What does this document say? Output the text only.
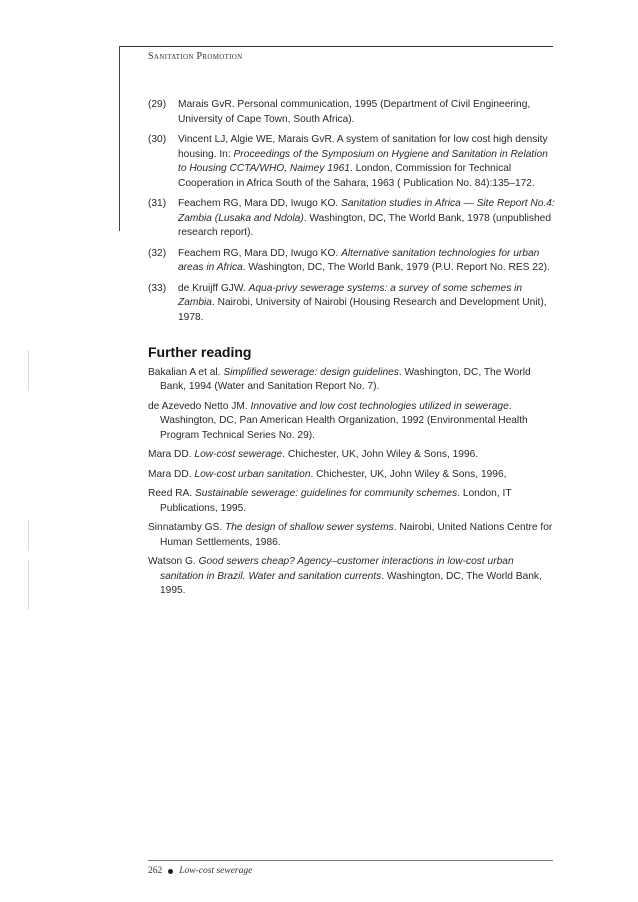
Sanitation Promotion
(29) Marais GvR. Personal communication, 1995 (Department of Civil Engineering, University of Cape Town, South Africa).
(30) Vincent LJ, Algie WE, Marais GvR. A system of sanitation for low cost high density housing. In: Proceedings of the Symposium on Hygiene and Sanitation in Relation to Housing CCTA/WHO, Naimey 1961. London, Commission for Technical Cooperation in Africa South of the Sahara, 1963 ( Publication No. 84):135–172.
(31) Feachem RG, Mara DD, Iwugo KO. Sanitation studies in Africa — Site Report No.4: Zambia (Lusaka and Ndola). Washington, DC, The World Bank, 1978 (unpublished research report).
(32) Feachem RG, Mara DD, Iwugo KO. Alternative sanitation technologies for urban areas in Africa. Washington, DC, The World Bank, 1979 (P.U. Report No. RES 22).
(33) de Kruijff GJW. Aqua-privy sewerage systems: a survey of some schemes in Zambia. Nairobi, University of Nairobi (Housing Research and Development Unit), 1978.
Further reading
Bakalian A et al. Simplified sewerage: design guidelines. Washington, DC, The World Bank, 1994 (Water and Sanitation Report No. 7).
de Azevedo Netto JM. Innovative and low cost technologies utilized in sewerage. Washington, DC, Pan American Health Organization, 1992 (Environmental Health Program Technical Series No. 29).
Mara DD. Low-cost sewerage. Chichester, UK, John Wiley & Sons, 1996.
Mara DD. Low-cost urban sanitation. Chichester, UK, John Wiley & Sons, 1996,
Reed RA. Sustainable sewerage: guidelines for community schemes. London, IT Publications, 1995.
Sinnatamby GS. The design of shallow sewer systems. Nairobi, United Nations Centre for Human Settlements, 1986.
Watson G. Good sewers cheap? Agency–customer interactions in low-cost urban sanitation in Brazil. Water and sanitation currents. Washington, DC, The World Bank, 1995.
262 Low-cost sewerage
